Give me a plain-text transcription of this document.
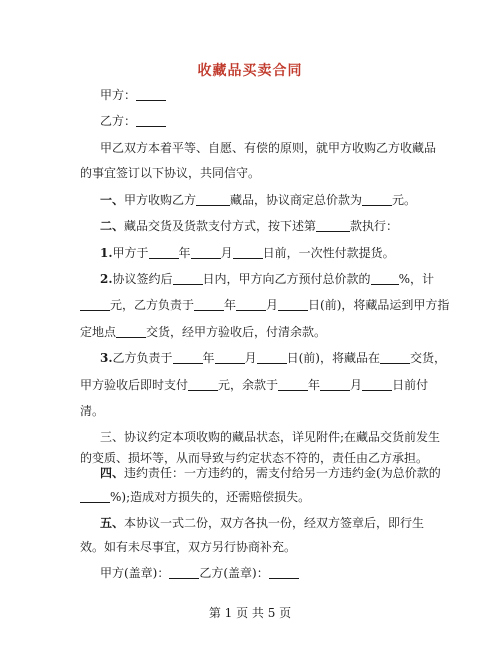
收藏品买卖合同
甲方：
乙方：
甲乙双方本着平等、自愿、有偿的原则，就甲方收购乙方收藏品
的事宜签订以下协议，共同信守。
一、甲方收购乙方	藏品，协议商定总价款为	元。
二、藏品交货及货款支付方式，按下述第	款执行：
1.甲方于	年	月	日前，一次性付款提货。
2.协议签约后	日内，甲方向乙方预付总价款的 %，计
元，乙方负责于	年	月	日(前)，将藏品运到甲方指
定地点	交货，经甲方验收后，付清余款。
3.乙方负责于	年	月	日(前)，将藏品在	交货，
甲方验收后即时支付	元，余款于	年	月	日前付
清。
三、协议约定本项收购的藏品状态，详见附件;在藏品交货前发生
的变质、损坏等，从而导致与约定状态不符的，责任由乙方承担。
四、违约责任：一方违约的，需支付给另一方违约金(为总价款的
%);造成对方损失的，还需赔偿损失。
五、本协议一式二份，双方各执一份，经双方签章后，即行生
效。如有未尽事宜，双方另行协商补充。
甲方(盖章)：	乙方(盖章)：
第 1 页 共 5 页
